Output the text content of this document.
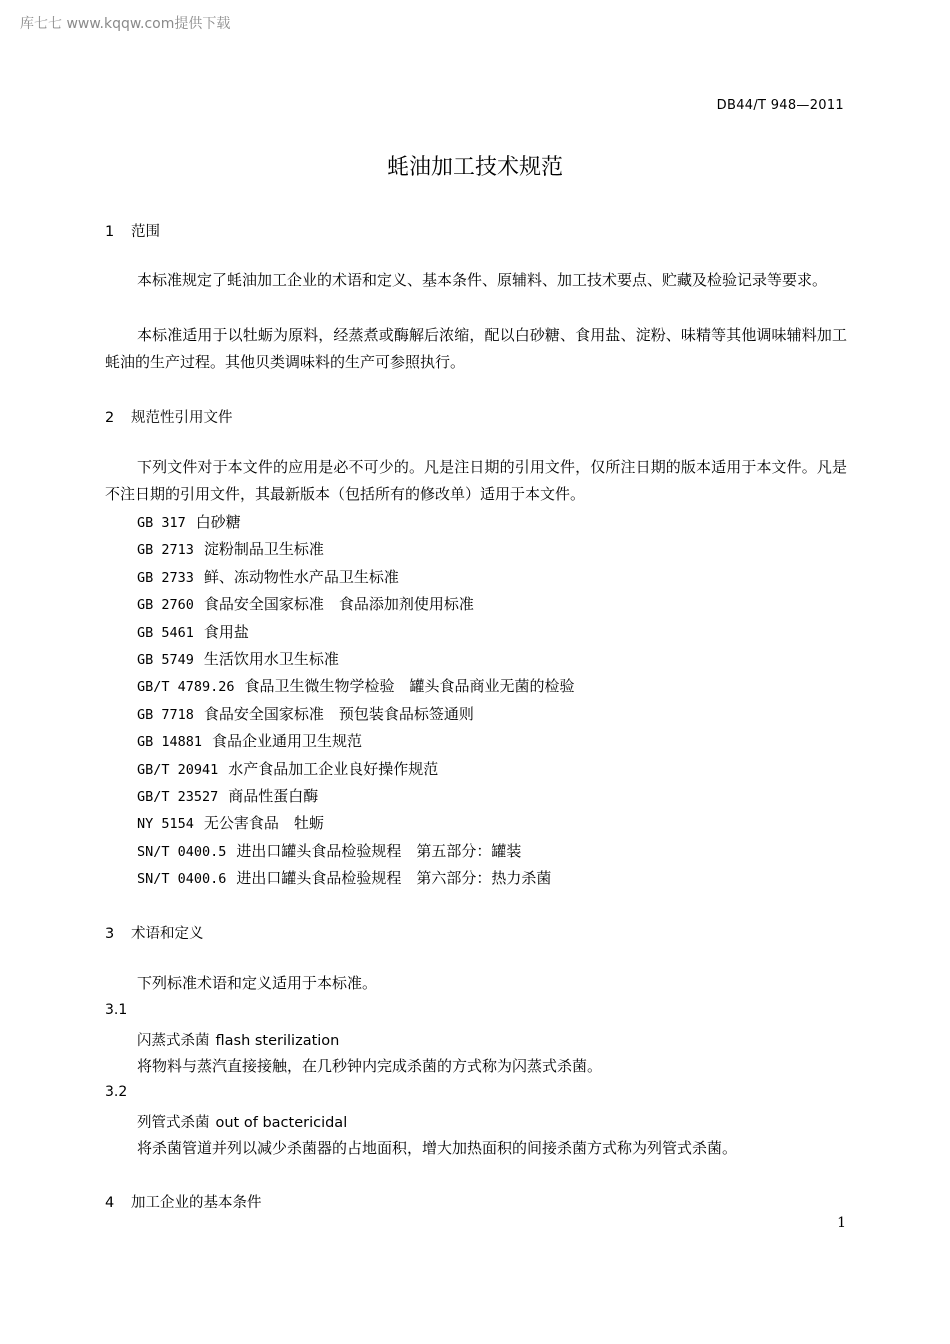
库七七 www.kqqw.com提供下载
DB44/T 948—2011
蚝油加工技术规范
1 范围
本标准规定了蚝油加工企业的术语和定义、基本条件、原辅料、加工技术要点、贮藏及检验记录等要求。
本标准适用于以牡蛎为原料，经蒸煮或酶解后浓缩，配以白砂糖、食用盐、淀粉、味精等其他调味辅料加工蚝油的生产过程。其他贝类调味料的生产可参照执行。
2 规范性引用文件
下列文件对于本文件的应用是必不可少的。凡是注日期的引用文件，仅所注日期的版本适用于本文件。凡是不注日期的引用文件，其最新版本（包括所有的修改单）适用于本文件。
GB 317 白砂糖
GB 2713 淀粉制品卫生标准
GB 2733 鲜、冻动物性水产品卫生标准
GB 2760 食品安全国家标准　食品添加剂使用标准
GB 5461 食用盐
GB 5749 生活饮用水卫生标准
GB/T 4789.26 食品卫生微生物学检验　罐头食品商业无菌的检验
GB 7718 食品安全国家标准　预包装食品标签通则
GB 14881 食品企业通用卫生规范
GB/T 20941 水产食品加工企业良好操作规范
GB/T 23527 商品性蛋白酶
NY 5154 无公害食品　牡蛎
SN/T 0400.5 进出口罐头食品检验规程　第五部分：罐装
SN/T 0400.6 进出口罐头食品检验规程　第六部分：热力杀菌
3 术语和定义
下列标准术语和定义适用于本标准。
3.1
闪蒸式杀菌 flash sterilization
将物料与蒸汽直接接触，在几秒钟内完成杀菌的方式称为闪蒸式杀菌。
3.2
列管式杀菌 out of bactericidal
将杀菌管道并列以减少杀菌器的占地面积，增大加热面积的间接杀菌方式称为列管式杀菌。
4 加工企业的基本条件
1
